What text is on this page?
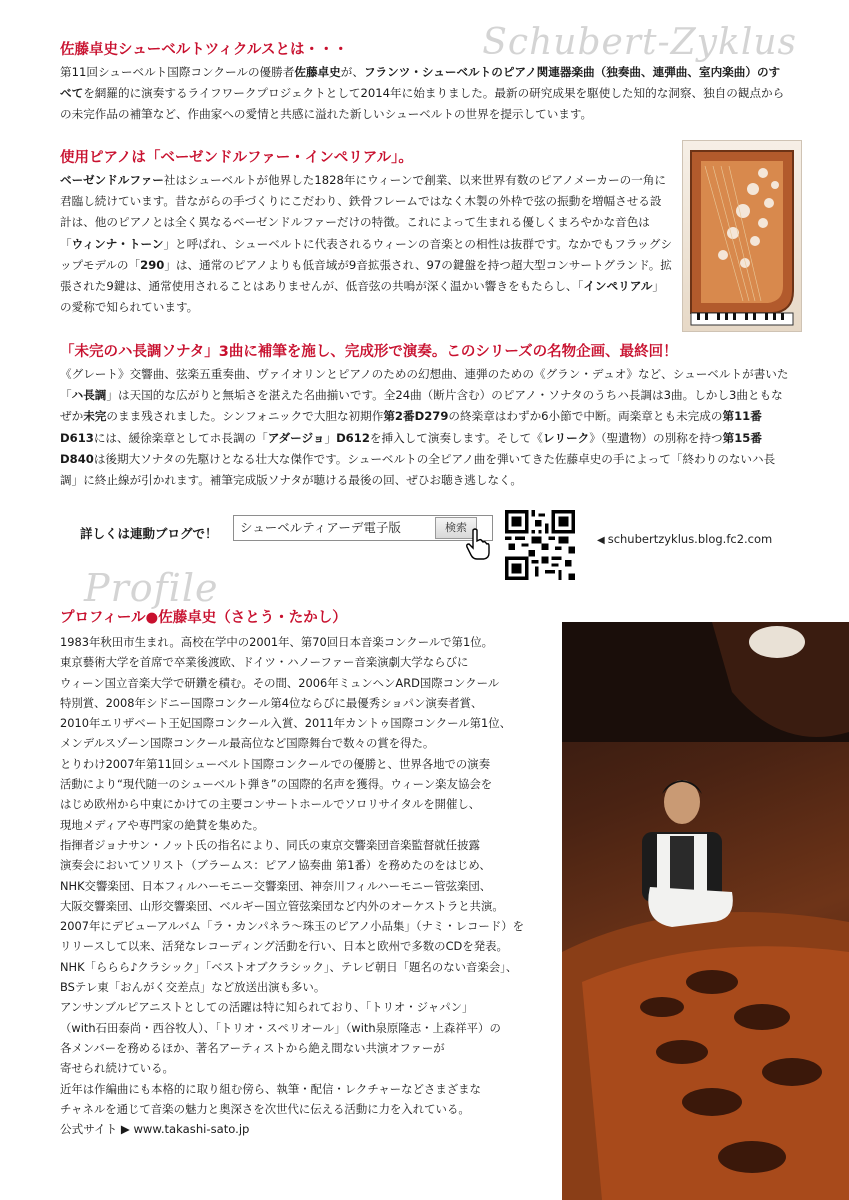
Schubert-Zyklus
Profile
佐藤卓史シューベルトツィクルスとは・・・

第11回シューベルト国際コンクールの優勝者佐藤卓史が、フランツ・シューベルトのピアノ関連器楽曲（独奏曲、連弾曲、室内楽曲）のすべてを網羅的に演奏するライフワークプロジェクトとして2014年に始まりました。最新の研究成果を駆使した知的な洞察、独自の観点からの未完作品の補筆など、作曲家への愛情と共感に溢れた新しいシューベルトの世界を提示しています。

使用ピアノは「ベーゼンドルファー・インペリアル」。

ベーゼンドルファー社はシューベルトが他界した1828年にウィーンで創業、以来世界有数のピアノメーカーの一角に君臨し続けています。昔ながらの手づくりにこだわり、鉄骨フレームではなく木製の外枠で弦の振動を増幅させる設計は、他のピアノとは全く異なるベーゼンドルファーだけの特徴。これによって生まれる優しくまろやかな音色は「ウィンナ・トーン」と呼ばれ、シューベルトに代表されるウィーンの音楽との相性は抜群です。なかでもフラッグシップモデルの「290」は、通常のピアノよりも低音域が9音拡張され、97の鍵盤を持つ超大型コンサートグランド。拡張された9鍵は、通常使用されることはありませんが、低音弦の共鳴が深く温かい響きをもたらし、「インペリアル」の愛称で知られています。

「未完のハ長調ソナタ」3曲に補筆を施し、完成形で演奏。このシリーズの名物企画、最終回！

《グレート》交響曲、弦楽五重奏曲、ヴァイオリンとピアノのための幻想曲、連弾のための《グラン・デュオ》など、シューベルトが書いた「ハ長調」は天国的な広がりと無垢さを湛えた名曲揃いです。全24曲（断片含む）のピアノ・ソナタのうちハ長調は3曲。しかし3曲ともなぜか未完のまま残されました。シンフォニックで大胆な初期作第2番D279の終楽章はわずか6小節で中断。両楽章とも未完成の第11番D613には、緩徐楽章としてホ長調の「アダージョ」D612を挿入して演奏します。そして《レリーク》（聖遺物）の別称を持つ第15番D840は後期大ソナタの先駆けとなる壮大な傑作です。シューベルトの全ピアノ曲を弾いてきた佐藤卓史の手によって「終わりのないハ長調」に終止線が引かれます。補筆完成版ソナタが聴ける最後の回、ぜひお聴き逃しなく。

詳しくは連動ブログで！	シューベルティアーデ電子版	検索
◀ schubertzyklus.blog.fc2.com
プロフィール●佐藤卓史（さとう・たかし）
1983年秋田市生まれ。高校在学中の2001年、第70回日本音楽コンクールで第1位。
東京藝術大学を首席で卒業後渡欧、ドイツ・ハノーファー音楽演劇大学ならびに
ウィーン国立音楽大学で研鑽を積む。その間、2006年ミュンヘンARD国際コンクール
特別賞、2008年シドニー国際コンクール第4位ならびに最優秀ショパン演奏者賞、
2010年エリザベート王妃国際コンクール入賞、2011年カントゥ国際コンクール第1位、
メンデルスゾーン国際コンクール最高位など国際舞台で数々の賞を得た。
とりわけ2007年第11回シューベルト国際コンクールでの優勝と、世界各地での演奏
活動により“現代随一のシューベルト弾き”の国際的名声を獲得。ウィーン楽友協会を
はじめ欧州から中東にかけての主要コンサートホールでソロリサイタルを開催し、
現地メディアや専門家の絶賛を集めた。
指揮者ジョナサン・ノット氏の指名により、同氏の東京交響楽団音楽監督就任披露
演奏会においてソリスト（ブラームス：ピアノ協奏曲 第1番）を務めたのをはじめ、
NHK交響楽団、日本フィルハーモニー交響楽団、神奈川フィルハーモニー管弦楽団、
大阪交響楽団、山形交響楽団、ベルギー国立管弦楽団など内外のオーケストラと共演。
2007年にデビューアルバム「ラ・カンパネラ～珠玉のピアノ小品集」（ナミ・レコード）を
リリースして以来、活発なレコーディング活動を行い、日本と欧州で多数のCDを発表。
NHK「ららら♪クラシック」「ベストオブクラシック」、テレビ朝日「題名のない音楽会」、
BSテレ東「おんがく交差点」など放送出演も多い。
アンサンブルピアニストとしての活躍は特に知られており、「トリオ・ジャパン」
（with石田泰尚・西谷牧人）、「トリオ・スペリオール」（with泉原隆志・上森祥平）の
各メンバーを務めるほか、著名アーティストから絶え間ない共演オファーが
寄せられ続けている。
近年は作編曲にも本格的に取り組む傍ら、執筆・配信・レクチャーなどさまざまな
チャネルを通じて音楽の魅力と奥深さを次世代に伝える活動に力を入れている。
公式サイト ▶ www.takashi-sato.jp
